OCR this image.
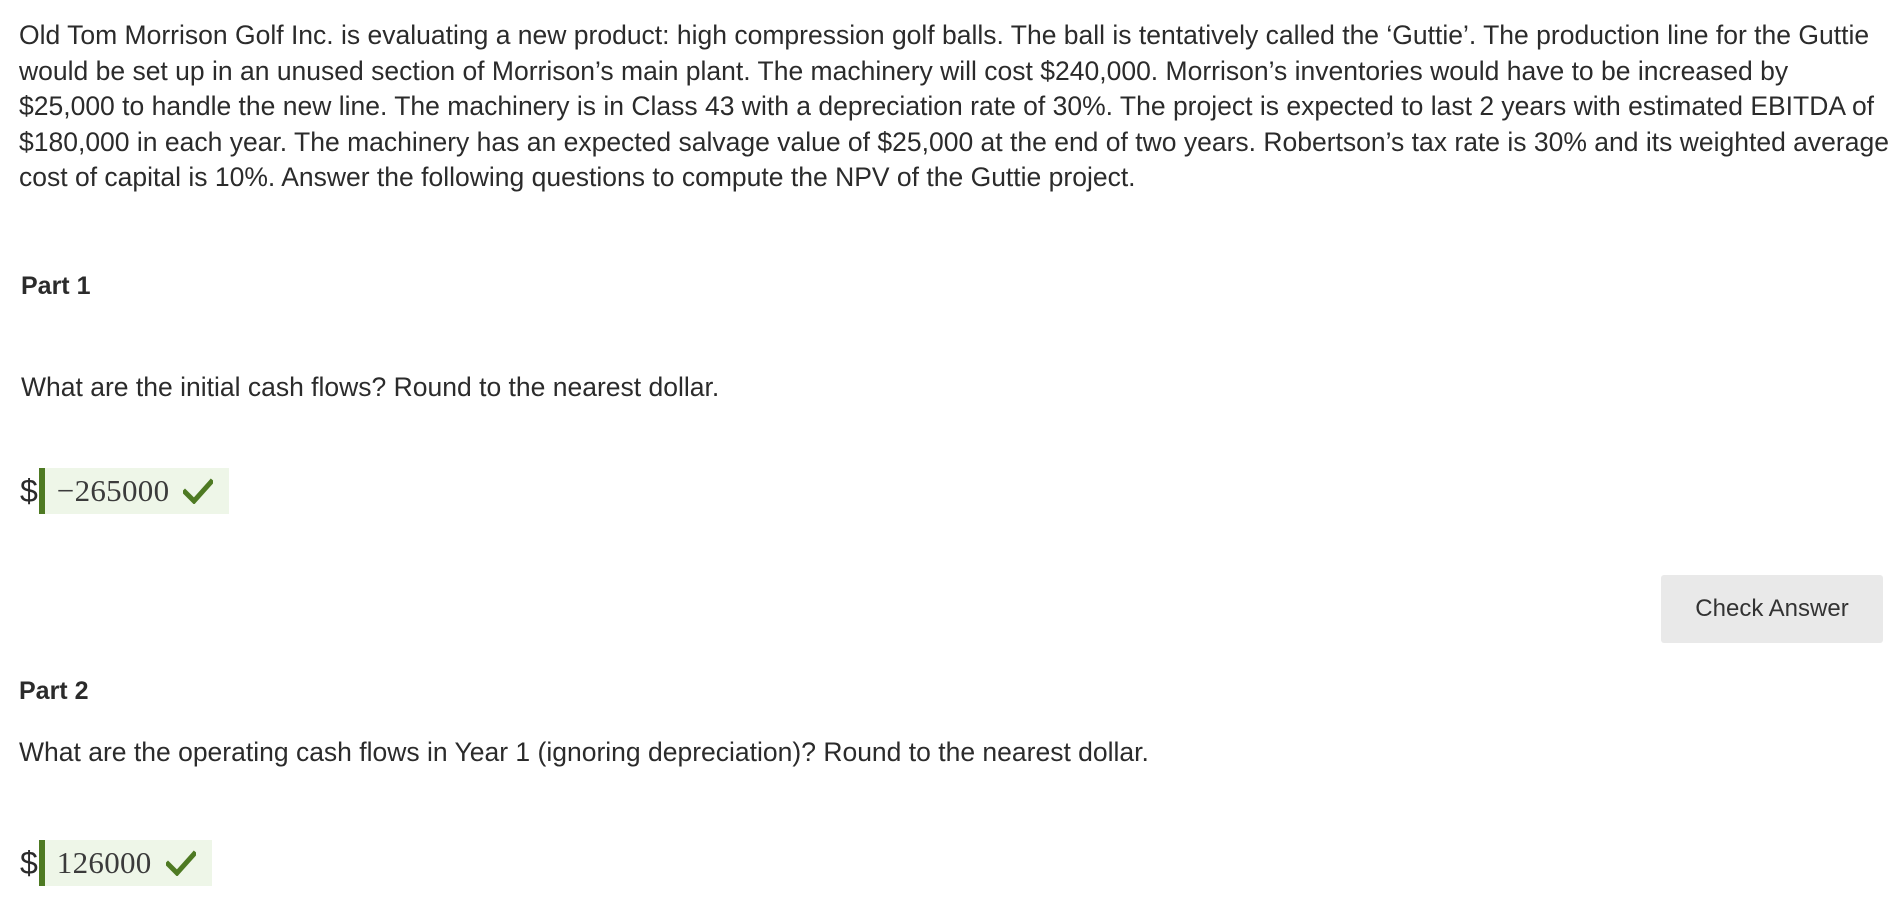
Old Tom Morrison Golf Inc. is evaluating a new product: high compression golf balls. The ball is tentatively called the ‘Guttie’. The production line for the Guttie would be set up in an unused section of Morrison’s main plant. The machinery will cost $240,000. Morrison’s inventories would have to be increased by $25,000 to handle the new line. The machinery is in Class 43 with a depreciation rate of 30%. The project is expected to last 2 years with estimated EBITDA of $180,000 in each year. The machinery has an expected salvage value of $25,000 at the end of two years. Robertson’s tax rate is 30% and its weighted average cost of capital is 10%. Answer the following questions to compute the NPV of the Guttie project.

Part 1

What are the initial cash flows? Round to the nearest dollar.

$ −265000
Check Answer
Part 2

What are the operating cash flows in Year 1 (ignoring depreciation)? Round to the nearest dollar.

$ 126000
